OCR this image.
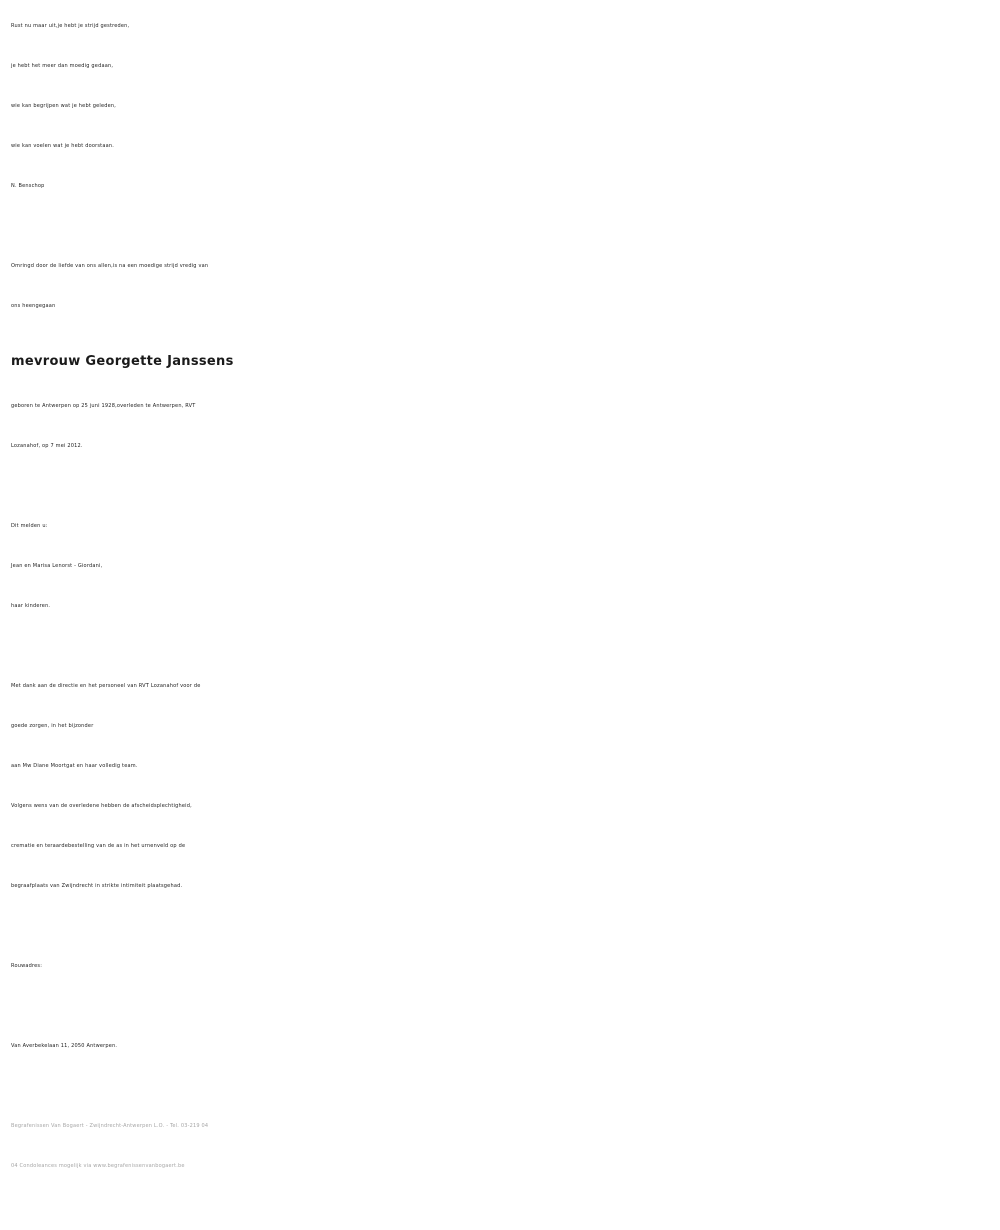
Rust nu maar uit,je hebt je strijd gestreden,
je hebt het meer dan moedig gedaan,
wie kan begrijpen wat je hebt geleden,
wie kan voelen wat je hebt doorstaan.
N. Benschop
Omringd door de liefde van ons allen,is na een moedige strijd vredig van
ons heengegaan
mevrouw Georgette Janssens
geboren te Antwerpen op 25 juni 1928,overleden te Antwerpen, RVT
Lozanahof, op 7 mei 2012.
Dit melden u:
Jean en Marisa Lenorst - Giordani,
haar kinderen.
Met dank aan de directie en het personeel van RVT Lozanahof voor de
goede zorgen, in het bijzonder
aan Mw Diane Moortgat en haar volledig team.
Volgens wens van de overledene hebben de afscheidsplechtigheid,
crematie en teraardebestelling van de as in het urnenveld op de
begraafplaats van Zwijndrecht in strikte intimiteit plaatsgehad.
Rouwadres:
Van Averbekelaan 11, 2050 Antwerpen.
Begrafenissen Van Bogaert - Zwijndrecht-Antwerpen L.O. - Tel. 03-219 04
04 Condoleances mogelijk via www.begrafenissenvanbogaert.be
